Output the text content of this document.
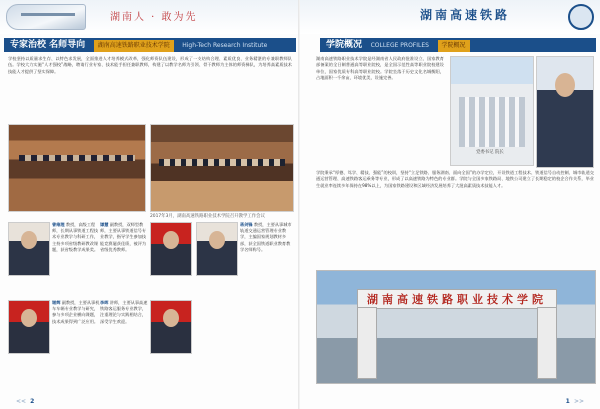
湖南人 · 敢为先
专家治校 名师导向 湖南高速铁路职业技术学院 High-Tech Research Institute
学校坚持以质量求生存、以特色求发展，全面推进人才培养模式改革，强化师资队伍建设，形成了一支结构合理、素质优良、业务精湛的专兼职教师队伍。学校大力实施“人才强校”战略，聘请行业专家、技术能手担任兼职教师，构建了以教学名师为引领、骨干教师为主体的师资梯队，为培养高素质技术技能人才提供了坚实保障。
2017年3月，湖南高速铁路职业技术学院召开教学工作会议
曾维理 教授，高级工程师，长期从事铁道工程技术专业教学与科研工作，主持多项省级教研教改课题，获省级教学成果奖。
谭慧 副教授，双师型教师，主要从事铁道信号专业教学，指导学生参加技能竞赛屡获佳绩，被评为省级优秀教师。
蒋剑锋 教授，主要从事城市轨道交通运营管理专业教学，主编国家规划教材多部，获全国铁道职业教育教学名师称号。
谢辉 副教授，主要从事机车车辆专业教学与研究，参与多项企业横向课题，技术成果得到广泛应用。
李晖 讲师，主要从事高速铁路客运服务专业教学，注重理论与实践相结合，深受学生欢迎。
<< 2
湖南高速铁路
学院概况 COLLEGE PROFILES 学院概况
湖南高速铁路职业技术学院是经湖南省人民政府批准设立、国家教育部备案的全日制普通高等职业院校，是全国示范性高等职业院校建设单位，国家优质专科高等职业院校。学院坐落于历史文化名城衡阳，占地面积一千余亩，环境优美，设施完善。
党委书记 院长
学院秉承“厚德、笃学、精技、强能”的校训，坚持“立足铁路、服务湖南、面向全国”的办学定位，开设铁道工程技术、铁道信号自动控制、城市轨道交通运营管理、高速铁路客运乘务等专业，形成了以高速铁路为特色的专业群。学院与全国多家铁路局、地铁公司建立了长期稳定的校企合作关系，毕业生就业率连续多年保持在98%以上，为国家铁路建设和区域经济发展培养了大批高素质技术技能人才。
湖南高速铁路职业技术学院
1 >>
